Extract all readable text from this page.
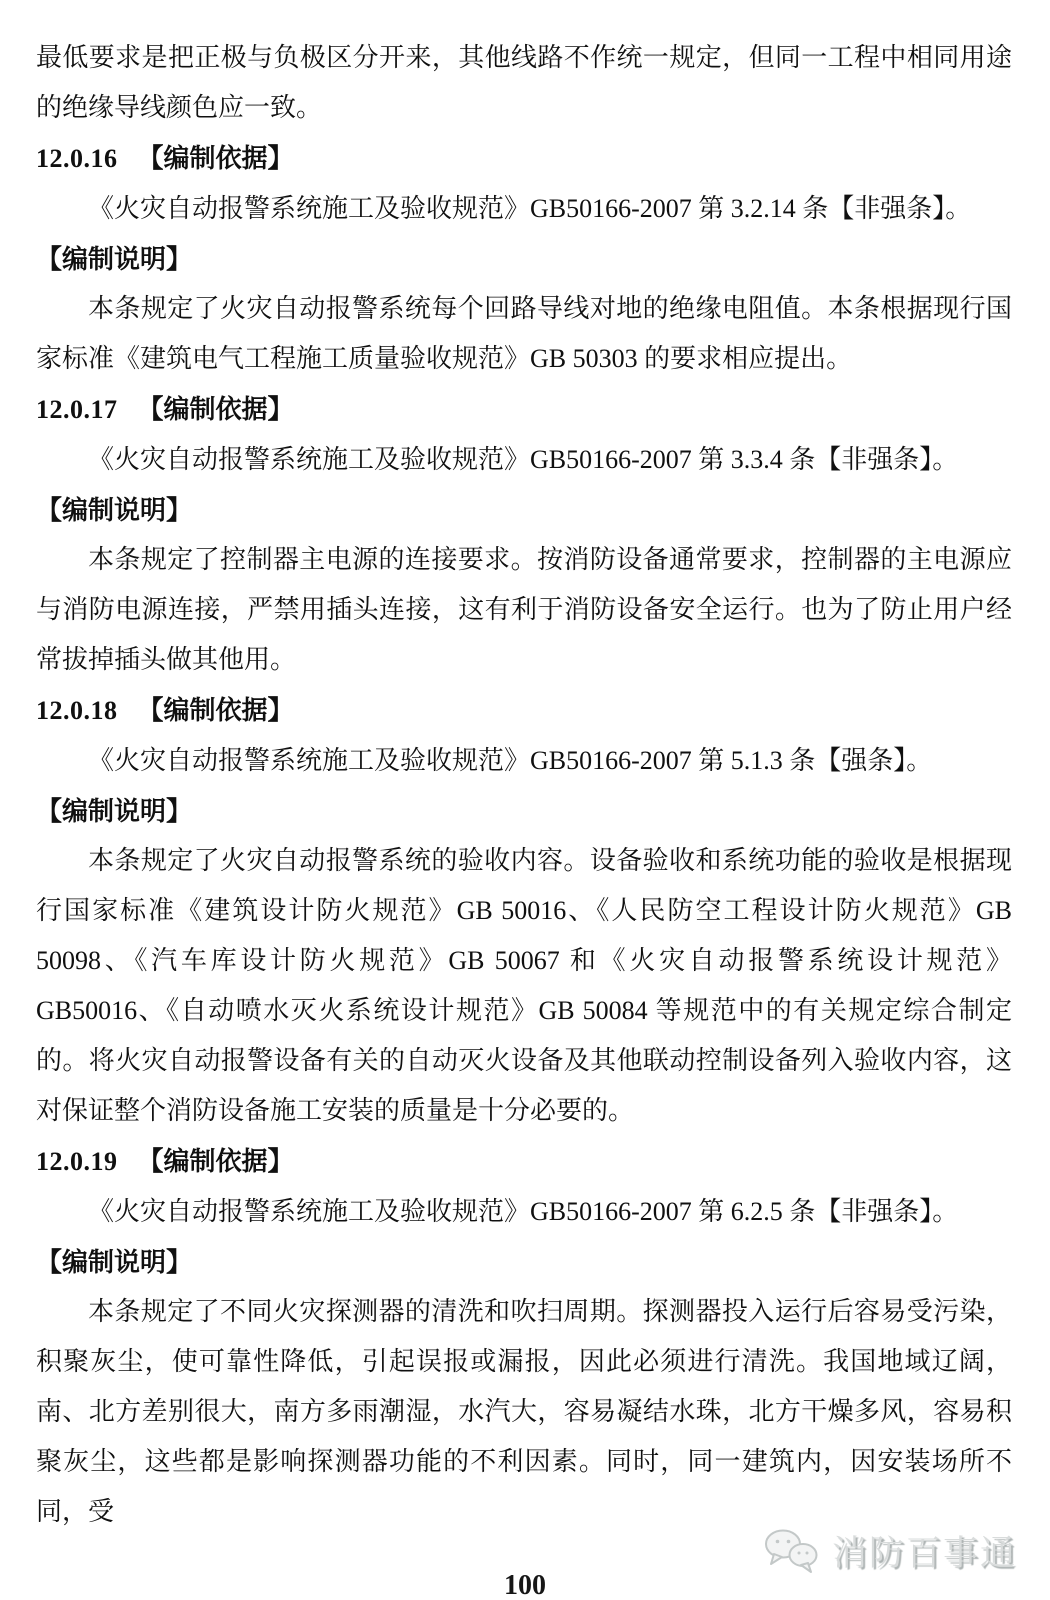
最低要求是把正极与负极区分开来，其他线路不作统一规定，但同一工程中相同用途的绝缘导线颜色应一致。

12.0.16 【编制依据】

《火灾自动报警系统施工及验收规范》GB50166-2007 第 3.2.14 条【非强条】。

【编制说明】

本条规定了火灾自动报警系统每个回路导线对地的绝缘电阻值。本条根据现行国家标准《建筑电气工程施工质量验收规范》GB 50303 的要求相应提出。

12.0.17 【编制依据】

《火灾自动报警系统施工及验收规范》GB50166-2007 第 3.3.4 条【非强条】。

【编制说明】

本条规定了控制器主电源的连接要求。按消防设备通常要求，控制器的主电源应与消防电源连接，严禁用插头连接，这有利于消防设备安全运行。也为了防止用户经常拔掉插头做其他用。

12.0.18 【编制依据】

《火灾自动报警系统施工及验收规范》GB50166-2007 第 5.1.3 条【强条】。

【编制说明】

本条规定了火灾自动报警系统的验收内容。设备验收和系统功能的验收是根据现行国家标准《建筑设计防火规范》GB 50016、《人民防空工程设计防火规范》GB 50098、《汽车库设计防火规范》GB 50067 和《火灾自动报警系统设计规范》GB50016、《自动喷水灭火系统设计规范》GB 50084 等规范中的有关规定综合制定的。将火灾自动报警设备有关的自动灭火设备及其他联动控制设备列入验收内容，这对保证整个消防设备施工安装的质量是十分必要的。

12.0.19 【编制依据】

《火灾自动报警系统施工及验收规范》GB50166-2007 第 6.2.5 条【非强条】。

【编制说明】

本条规定了不同火灾探测器的清洗和吹扫周期。探测器投入运行后容易受污染，积聚灰尘，使可靠性降低，引起误报或漏报，因此必须进行清洗。我国地域辽阔，南、北方差别很大，南方多雨潮湿，水汽大，容易凝结水珠，北方干燥多风，容易积聚灰尘，这些都是影响探测器功能的不利因素。同时，同一建筑内，因安装场所不同，受

消防百事通
100
